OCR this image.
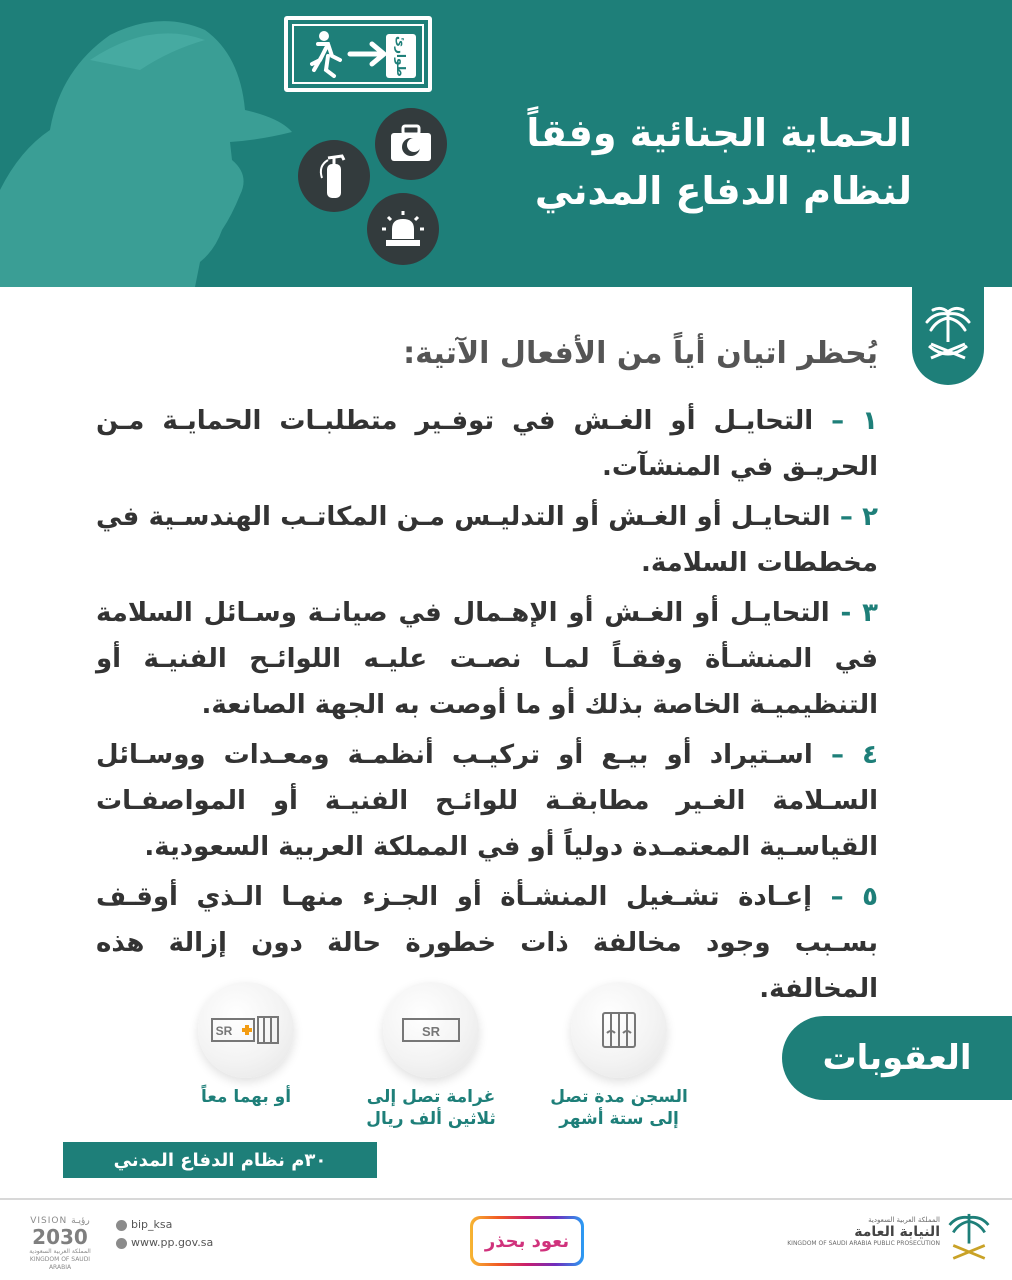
طوارئ
الحماية الجنائية وفقاً
لنظام الدفاع المدني
يُحظر اتيان أياً من الأفعال الآتية:
١ – التحايـل أو الغـش في توفـير متطلبـات الحمايـة مـن الحريـق في المنشآت.
٢ – التحايـل أو الغـش أو التدليـس مـن المكاتـب الهندسـية في مخططات السلامة.
٣ - التحايـل أو الغـش أو الإهـمال في صيانـة وسـائل السلامة في المنشـأة وفقـاً لمـا نصـت عليـه اللوائـح الفنيـة أو التنظيميـة الخاصة بذلك أو ما أوصت به الجهة الصانعة.
٤ – اسـتيراد أو بيـع أو تركيـب أنظمـة ومعـدات ووسـائل السـلامة الغـير مطابقـة للوائـح الفنيـة أو المواصفـات القياسـية المعتمـدة دولياً أو في المملكة العربية السعودية.
٥ – إعـادة تشـغيل المنشـأة أو الجـزء منهـا الـذي أوقـف بسـبب وجود مخالفة ذات خطورة حالة دون إزالة هذه المخالفة.
العقوبات
السجن مدة تصل
إلى ستة أشهر
SR
غرامة تصل إلى
ثلاثين ألف ريال
SR
أو بهما معاً
٣٠م نظام الدفاع المدني
VISION رؤيـة
2030
المملكة العربية السعودية
KINGDOM OF SAUDI ARABIA
bip_ksa
www.pp.gov.sa	نعود بحذر
المملكة العربية السعودية
النيابة العامة
KINGDOM OF SAUDI ARABIA PUBLIC PROSECUTION
